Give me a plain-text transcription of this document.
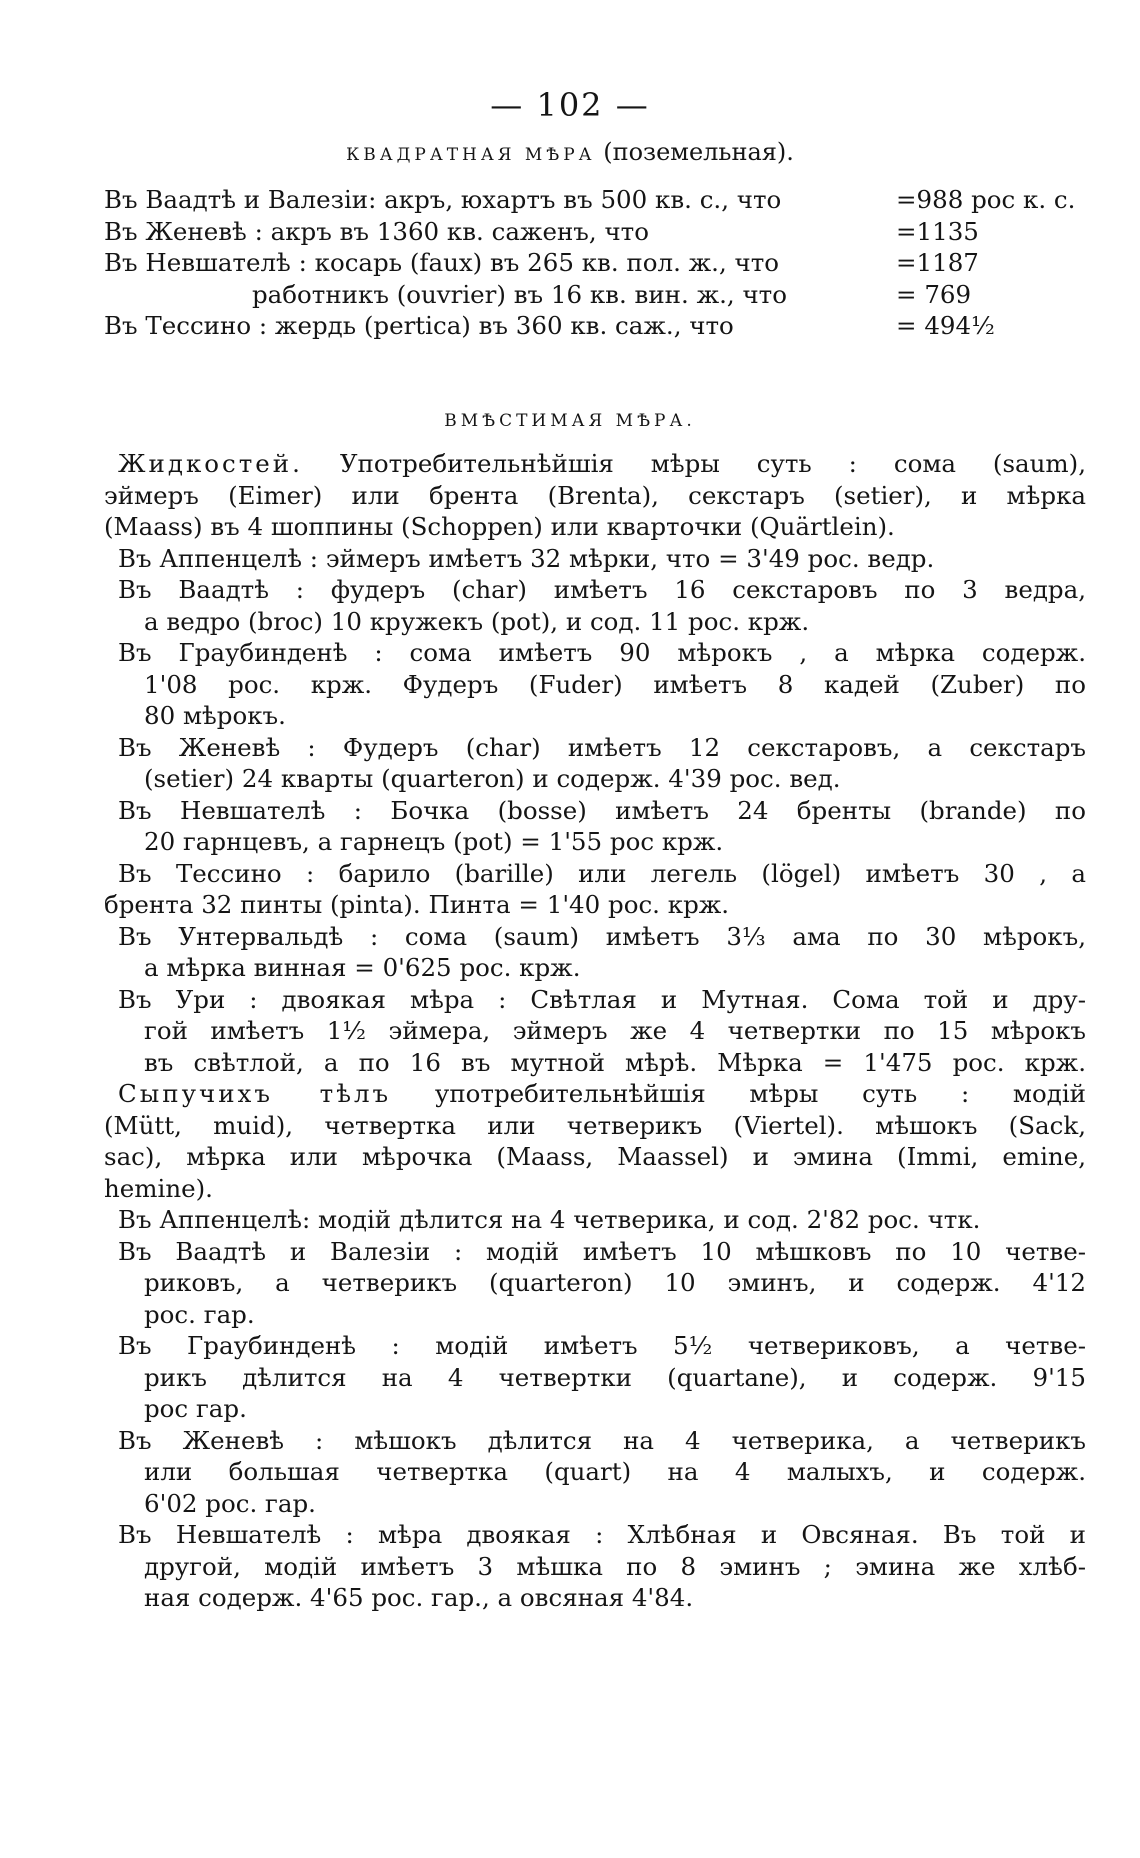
— 102 —
КВАДРАТНАЯ МѢРА (поземельная).
Въ Ваадтѣ и Валезіи: акръ, юхартъ въ 500 кв. с., что	=988 рос к. с.
Въ Женевѣ : акръ въ 1360 кв. саженъ, что	=1135
Въ Невшателѣ : косарь (faux) въ 265 кв. пол. ж., что	=1187
работникъ (ouvrier) въ 16 кв. вин. ж., что	= 769
Въ Тессино : жердь (pertica) въ 360 кв. саж., что	= 494½
ВМѢСТИМАЯ МѢРА.
Жидкостей. Употребительнѣйшія мѣры суть : сома (saum),
эймеръ (Eimer) или брента (Brenta), секстаръ (setier), и мѣрка
(Maass) въ 4 шоппины (Schoppen) или кварточки (Quärtlein).
Въ Аппенцелѣ : эймеръ имѣетъ 32 мѣрки, что = 3'49 рос. ведр.
Въ Ваадтѣ : фудеръ (char) имѣетъ 16 секстаровъ по 3 ведра,
а ведро (broc) 10 кружекъ (pot), и сод. 11 рос. крж.
Въ Граубинденѣ : сома имѣетъ 90 мѣрокъ , а мѣрка содерж.
1'08 рос. крж. Фудеръ (Fuder) имѣетъ 8 кадей (Zuber) по
80 мѣрокъ.
Въ Женевѣ : Фудеръ (char) имѣетъ 12 секстаровъ, а секстаръ
(setier) 24 кварты (quarteron) и содерж. 4'39 рос. вед.
Въ Невшателѣ : Бочка (bosse) имѣетъ 24 бренты (brande) по
20 гарнцевъ, а гарнецъ (pot) = 1'55 рос крж.
Въ Тессино : барило (barille) или легель (lögel) имѣетъ 30 , а
брента 32 пинты (pinta). Пинта = 1'40 рос. крж.
Въ Унтервальдѣ : сома (saum) имѣетъ 3⅓ ама по 30 мѣрокъ,
а мѣрка винная = 0'625 рос. крж.
Въ Ури : двоякая мѣра : Свѣтлая и Мутная. Сома той и дру-
гой имѣетъ 1½ эймера, эймеръ же 4 четвертки по 15 мѣрокъ
въ свѣтлой, а по 16 въ мутной мѣрѣ. Мѣрка = 1'475 рос. крж.
Сыпучихъ тѣлъ употребительнѣйшія мѣры суть : модій
(Mütt, muid), четвертка или четверикъ (Viertel). мѣшокъ (Sack,
sac), мѣрка или мѣрочка (Maass, Maassel) и эмина (Immi, emine,
hemine).
Въ Аппенцелѣ: модій дѣлится на 4 четверика, и сод. 2'82 рос. чтк.
Въ Ваадтѣ и Валезіи : модій имѣетъ 10 мѣшковъ по 10 четве-
риковъ, а четверикъ (quarteron) 10 эминъ, и содерж. 4'12
рос. гар.
Въ Граубинденѣ : модій имѣетъ 5½ четвериковъ, а четве-
рикъ дѣлится на 4 четвертки (quartane), и содерж. 9'15
рос гар.
Въ Женевѣ : мѣшокъ дѣлится на 4 четверика, а четверикъ
или большая четвертка (quart) на 4 малыхъ, и содерж.
6'02 рос. гар.
Въ Невшателѣ : мѣра двоякая : Хлѣбная и Овсяная. Въ той и
другой, модій имѣетъ 3 мѣшка по 8 эминъ ; эмина же хлѣб-
ная содерж. 4'65 рос. гар., а овсяная 4'84.
